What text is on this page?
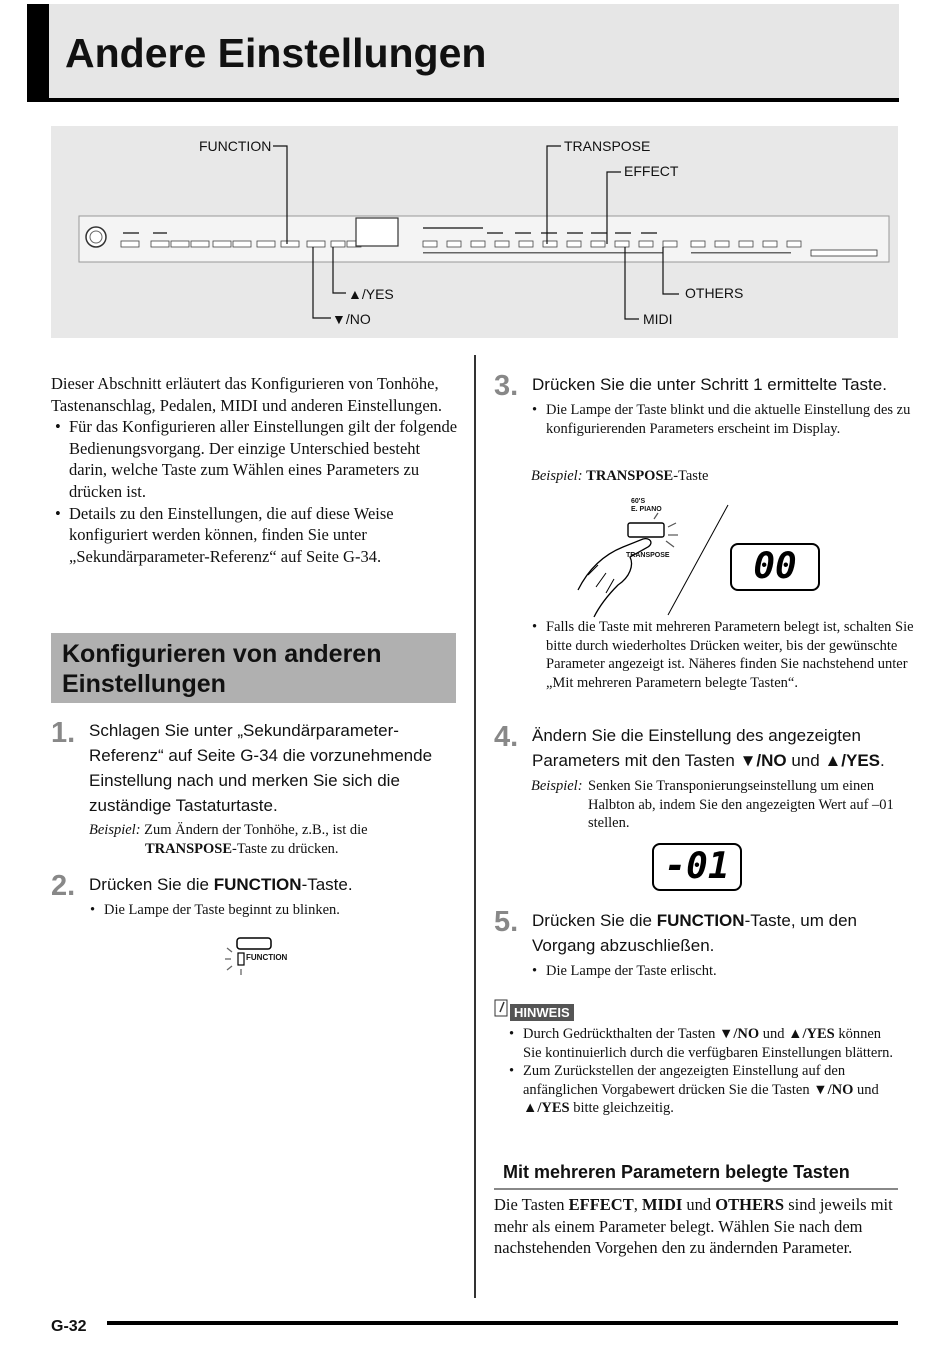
Andere Einstellungen
FUNCTION	TRANSPOSE
EFFECT
▲/YES
▼/NO
OTHERS
MIDI
Dieser Abschnitt erläutert das Konfigurieren von Tonhöhe, Tastenanschlag, Pedalen, MIDI und anderen Einstellungen.
• Für das Konfigurieren aller Einstellungen gilt der folgende Bedienungsvorgang. Der einzige Unterschied besteht darin, welche Taste zum Wählen eines Parameters zu drücken ist.
• Details zu den Einstellungen, die auf diese Weise konfiguriert werden können, finden Sie unter „Sekundärparameter-Referenz“ auf Seite G-34.
Konfigurieren von anderen Einstellungen
1. Schlagen Sie unter „Sekundärparameter-Referenz“ auf Seite G-34 die vorzunehmende Einstellung nach und merken Sie sich die zuständige Tastaturtaste.
Beispiel: Zum Ändern der Tonhöhe, z.B., ist die
TRANSPOSE-Taste zu drücken.
2. Drücken Sie die FUNCTION-Taste.
• Die Lampe der Taste beginnt zu blinken.
FUNCTION
3. Drücken Sie die unter Schritt 1 ermittelte Taste.
• Die Lampe der Taste blinkt und die aktuelle Einstellung des zu konfigurierenden Parameters erscheint im Display.
Beispiel: TRANSPOSE-Taste
60'S
E. PIANO
TRANSPOSE	00
• Falls die Taste mit mehreren Parametern belegt ist, schalten Sie bitte durch wiederholtes Drücken weiter, bis der gewünschte Parameter angezeigt ist. Näheres finden Sie nachstehend unter „Mit mehreren Parametern belegte Tasten“.
4. Ändern Sie die Einstellung des angezeigten Parameters mit den Tasten ▼/NO und ▲/YES.
Beispiel: Senken Sie Transponierungseinstellung um einen Halbton ab, indem Sie den angezeigten Wert auf –01 stellen.
-01
5. Drücken Sie die FUNCTION-Taste, um den Vorgang abzuschließen.
• Die Lampe der Taste erlischt.
HINWEIS
• Durch Gedrückthalten der Tasten ▼/NO und ▲/YES können Sie kontinuierlich durch die verfügbaren Einstellungen blättern.
• Zum Zurückstellen der angezeigten Einstellung auf den anfänglichen Vorgabewert drücken Sie die Tasten ▼/NO und ▲/YES bitte gleichzeitig.
Mit mehreren Parametern belegte Tasten
Die Tasten EFFECT, MIDI und OTHERS sind jeweils mit mehr als einem Parameter belegt. Wählen Sie nach dem nachstehenden Vorgehen den zu ändernden Parameter.
G-32
